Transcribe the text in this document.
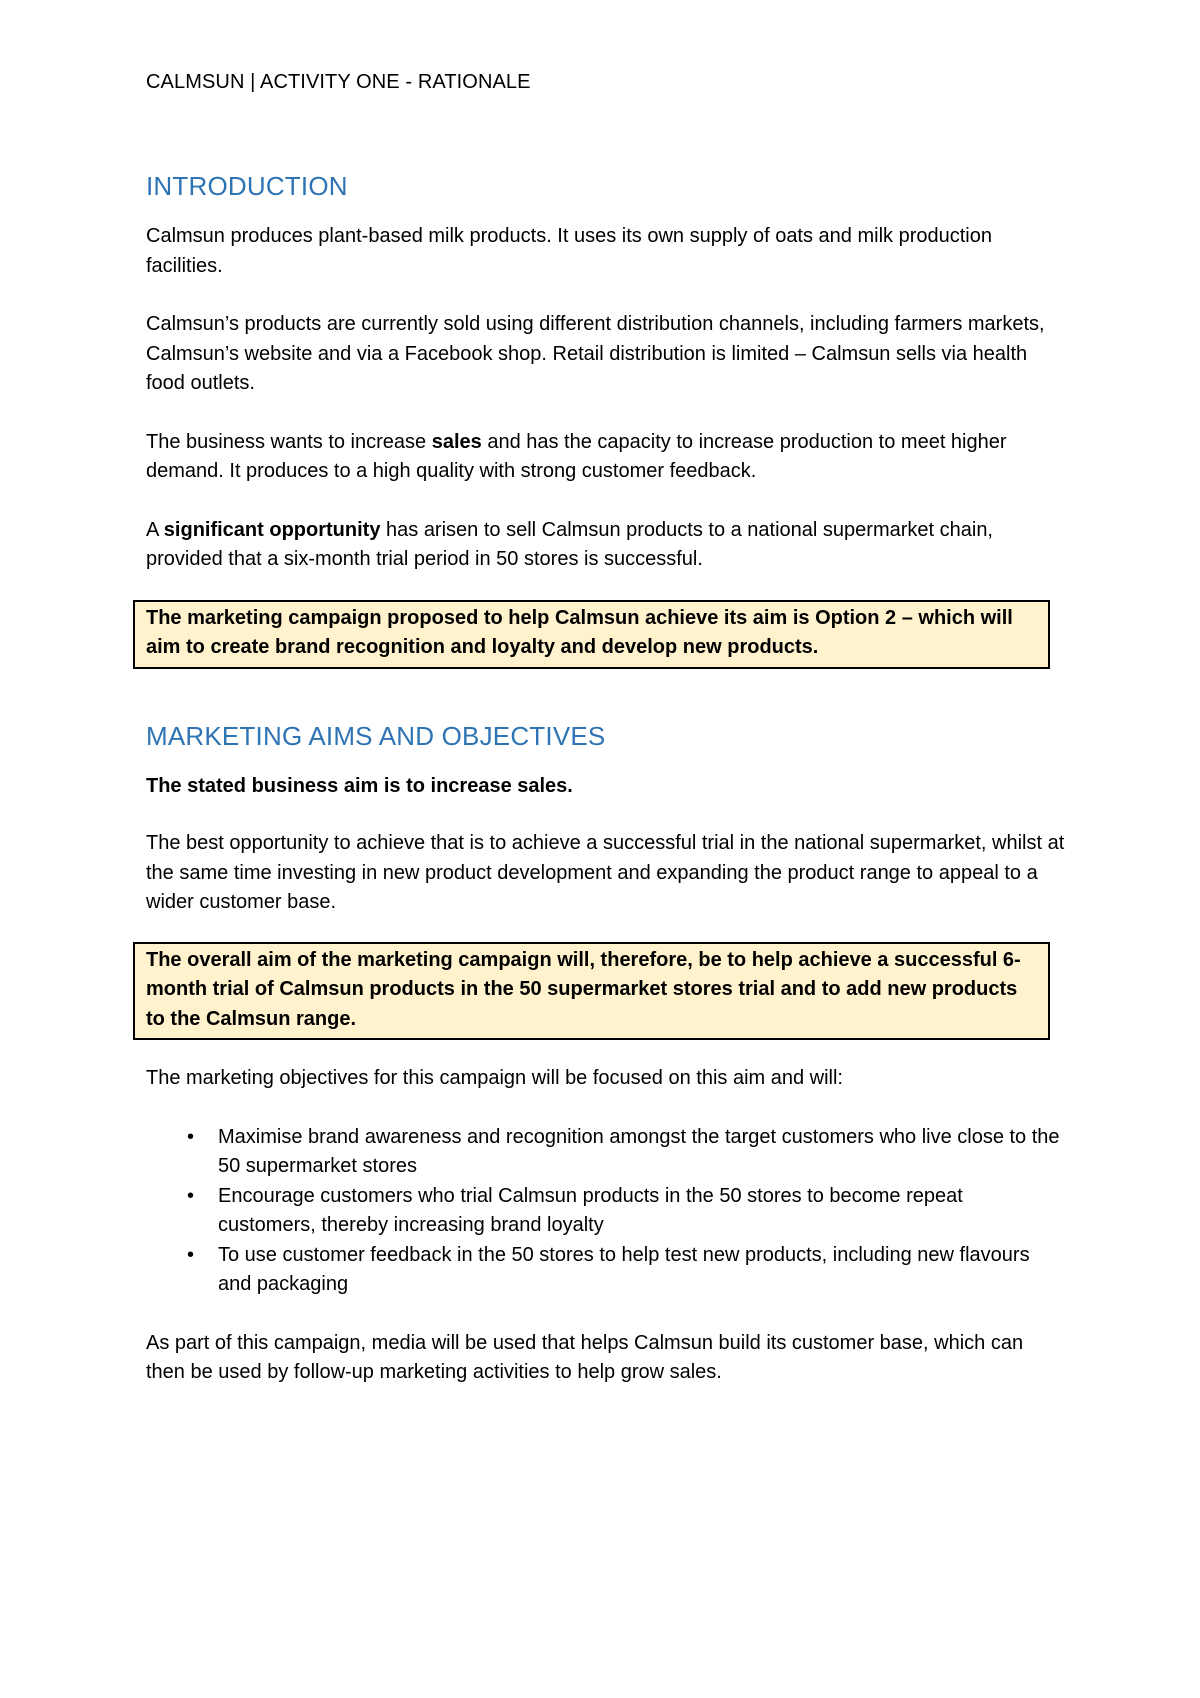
CALMSUN | ACTIVITY ONE - RATIONALE

INTRODUCTION

Calmsun produces plant-based milk products. It uses its own supply of oats and milk production facilities.

Calmsun’s products are currently sold using different distribution channels, including farmers markets, Calmsun’s website and via a Facebook shop. Retail distribution is limited – Calmsun sells via health food outlets.

The business wants to increase sales and has the capacity to increase production to meet higher demand. It produces to a high quality with strong customer feedback.

A significant opportunity has arisen to sell Calmsun products to a national supermarket chain, provided that a six-month trial period in 50 stores is successful.

The marketing campaign proposed to help Calmsun achieve its aim is Option 2 – which will aim to create brand recognition and loyalty and develop new products.

MARKETING AIMS AND OBJECTIVES

The stated business aim is to increase sales.

The best opportunity to achieve that is to achieve a successful trial in the national supermarket, whilst at the same time investing in new product development and expanding the product range to appeal to a wider customer base.

The overall aim of the marketing campaign will, therefore, be to help achieve a successful 6-month trial of Calmsun products in the 50 supermarket stores trial and to add new products to the Calmsun range.

The marketing objectives for this campaign will be focused on this aim and will:

• Maximise brand awareness and recognition amongst the target customers who live close to the 50 supermarket stores
• Encourage customers who trial Calmsun products in the 50 stores to become repeat customers, thereby increasing brand loyalty
• To use customer feedback in the 50 stores to help test new products, including new flavours and packaging

As part of this campaign, media will be used that helps Calmsun build its customer base, which can then be used by follow-up marketing activities to help grow sales.
